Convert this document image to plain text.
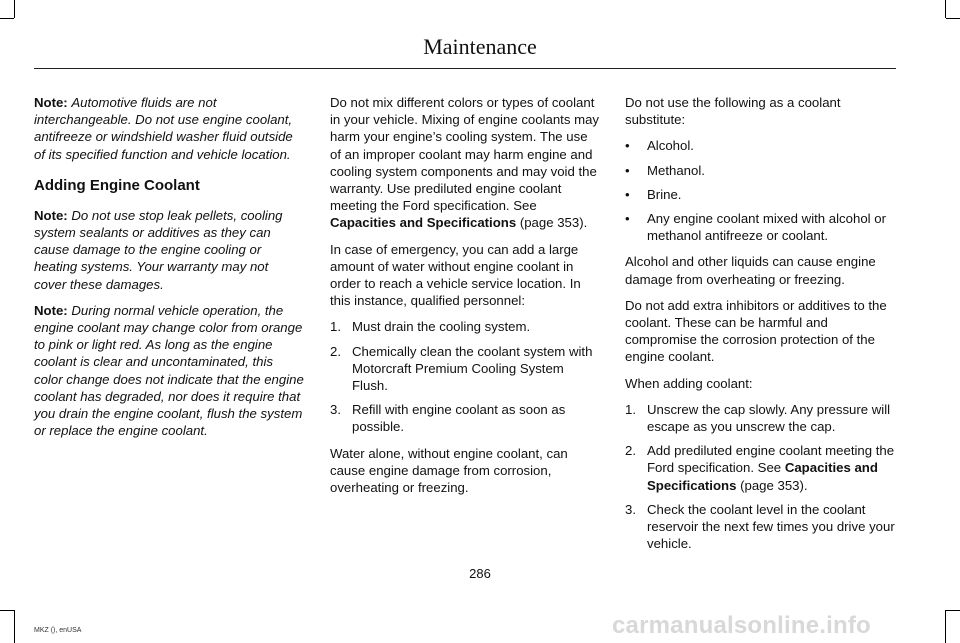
Maintenance

Note: Automotive fluids are not interchangeable. Do not use engine coolant, antifreeze or windshield washer fluid outside of its specified function and vehicle location.

Adding Engine Coolant

Note: Do not use stop leak pellets, cooling system sealants or additives as they can cause damage to the engine cooling or heating systems. Your warranty may not cover these damages.

Note: During normal vehicle operation, the engine coolant may change color from orange to pink or light red. As long as the engine coolant is clear and uncontaminated, this color change does not indicate that the engine coolant has degraded, nor does it require that you drain the engine coolant, flush the system or replace the engine coolant.

Do not mix different colors or types of coolant in your vehicle. Mixing of engine coolants may harm your engine’s cooling system. The use of an improper coolant may harm engine and cooling system components and may void the warranty. Use prediluted engine coolant meeting the Ford specification. See Capacities and Specifications (page 353).

In case of emergency, you can add a large amount of water without engine coolant in order to reach a vehicle service location. In this instance, qualified personnel:

1. Must drain the cooling system.
2. Chemically clean the coolant system with Motorcraft Premium Cooling System Flush.
3. Refill with engine coolant as soon as possible.

Water alone, without engine coolant, can cause engine damage from corrosion, overheating or freezing.

Do not use the following as a coolant substitute:

• Alcohol.
• Methanol.
• Brine.
• Any engine coolant mixed with alcohol or methanol antifreeze or coolant.

Alcohol and other liquids can cause engine damage from overheating or freezing.

Do not add extra inhibitors or additives to the coolant. These can be harmful and compromise the corrosion protection of the engine coolant.

When adding coolant:

1. Unscrew the cap slowly. Any pressure will escape as you unscrew the cap.
2. Add prediluted engine coolant meeting the Ford specification. See Capacities and Specifications (page 353).
3. Check the coolant level in the coolant reservoir the next few times you drive your vehicle.
286
MKZ (), enUSA	carmanualsonline.info
